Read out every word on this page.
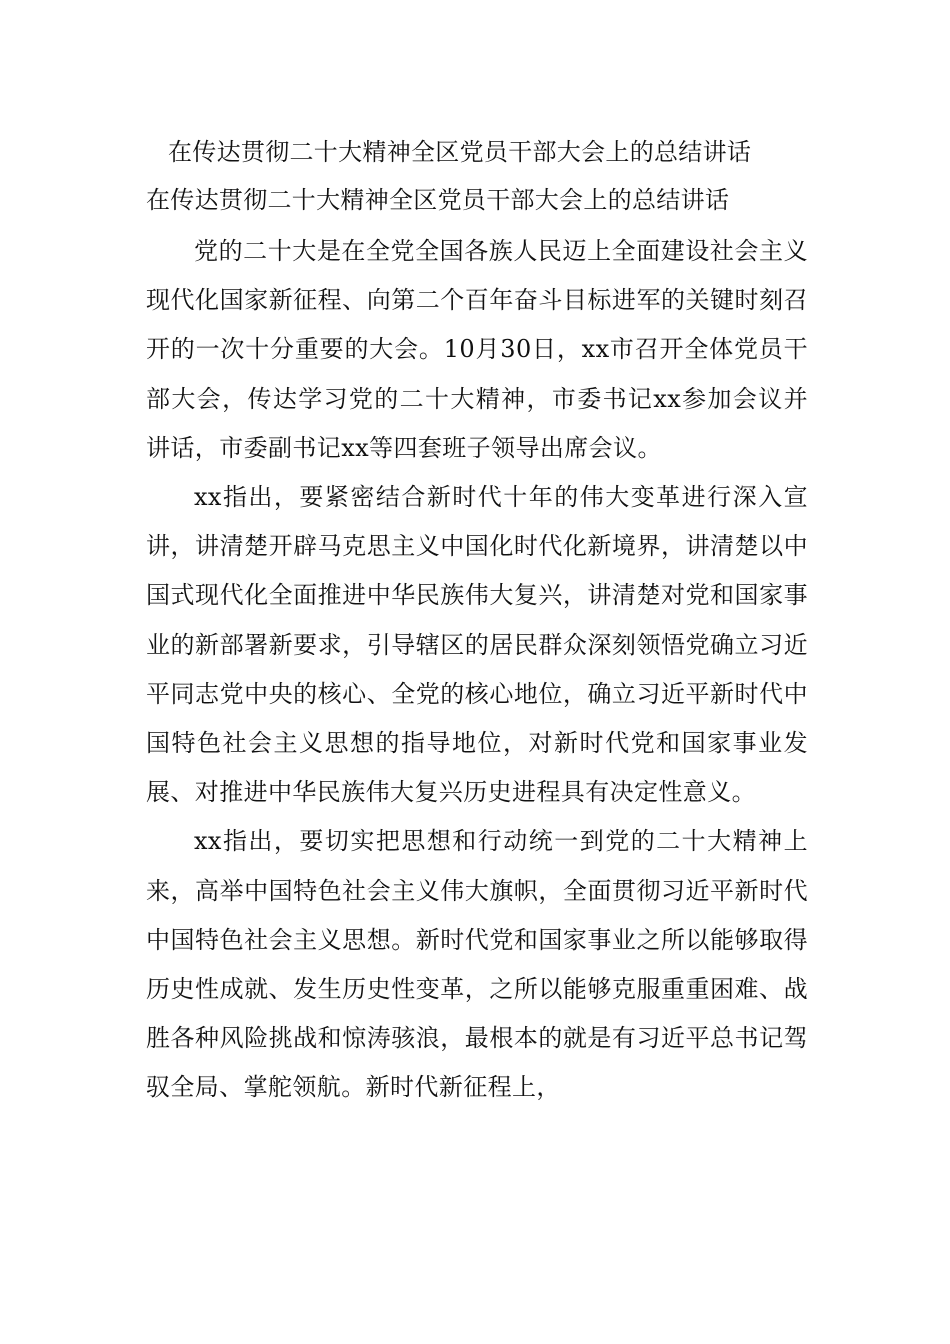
在传达贯彻二十大精神全区党员干部大会上的总结讲话
在传达贯彻二十大精神全区党员干部大会上的总结讲话

党的二十大是在全党全国各族人民迈上全面建设社会主义现代化国家新征程、向第二个百年奋斗目标进军的关键时刻召开的一次十分重要的大会。10月30日，xx市召开全体党员干部大会，传达学习党的二十大精神，市委书记xx参加会议并讲话，市委副书记xx等四套班子领导出席会议。

xx指出，要紧密结合新时代十年的伟大变革进行深入宣讲，讲清楚开辟马克思主义中国化时代化新境界，讲清楚以中国式现代化全面推进中华民族伟大复兴，讲清楚对党和国家事业的新部署新要求，引导辖区的居民群众深刻领悟党确立习近平同志党中央的核心、全党的核心地位，确立习近平新时代中国特色社会主义思想的指导地位，对新时代党和国家事业发展、对推进中华民族伟大复兴历史进程具有决定性意义。

xx指出，要切实把思想和行动统一到党的二十大精神上来，高举中国特色社会主义伟大旗帜，全面贯彻习近平新时代中国特色社会主义思想。新时代党和国家事业之所以能够取得历史性成就、发生历史性变革，之所以能够克服重重困难、战胜各种风险挑战和惊涛骇浪，最根本的就是有习近平总书记驾驭全局、掌舵领航。新时代新征程上，
